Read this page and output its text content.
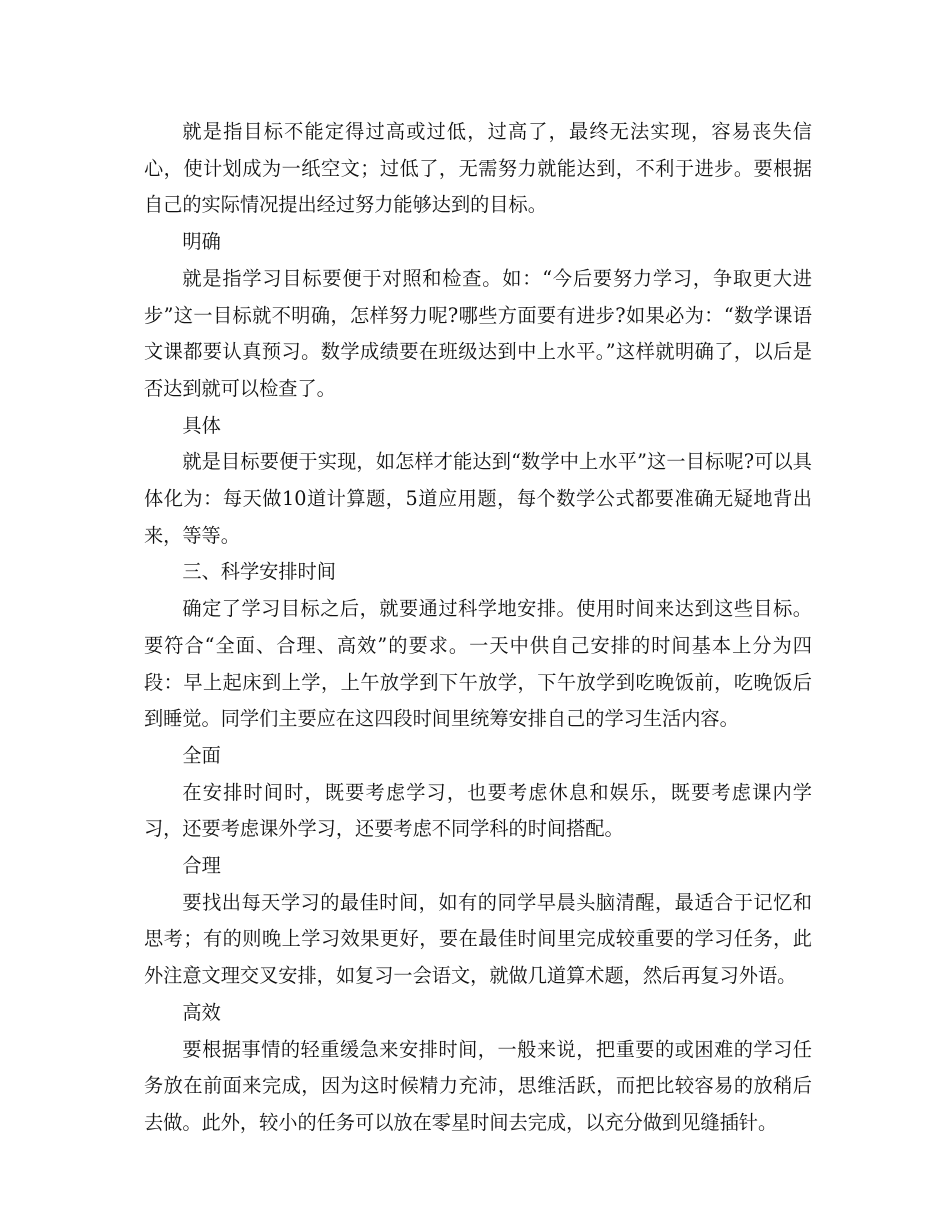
就是指目标不能定得过高或过低，过高了，最终无法实现，容易丧失信心，使计划成为一纸空文；过低了，无需努力就能达到，不利于进步。要根据自己的实际情况提出经过努力能够达到的目标。

明确

就是指学习目标要便于对照和检查。如：“今后要努力学习，争取更大进步”这一目标就不明确，怎样努力呢?哪些方面要有进步?如果必为：“数学课语文课都要认真预习。数学成绩要在班级达到中上水平。”这样就明确了，以后是否达到就可以检查了。

具体

就是目标要便于实现，如怎样才能达到“数学中上水平”这一目标呢?可以具体化为：每天做10道计算题，5道应用题，每个数学公式都要准确无疑地背出来，等等。

三、科学安排时间

确定了学习目标之后，就要通过科学地安排。使用时间来达到这些目标。要符合“全面、合理、高效”的要求。一天中供自己安排的时间基本上分为四段：早上起床到上学，上午放学到下午放学，下午放学到吃晚饭前，吃晚饭后到睡觉。同学们主要应在这四段时间里统筹安排自己的学习生活内容。

全面

在安排时间时，既要考虑学习，也要考虑休息和娱乐，既要考虑课内学习，还要考虑课外学习，还要考虑不同学科的时间搭配。

合理

要找出每天学习的最佳时间，如有的同学早晨头脑清醒，最适合于记忆和思考；有的则晚上学习效果更好，要在最佳时间里完成较重要的学习任务，此外注意文理交叉安排，如复习一会语文，就做几道算术题，然后再复习外语。

高效

要根据事情的轻重缓急来安排时间，一般来说，把重要的或困难的学习任务放在前面来完成，因为这时候精力充沛，思维活跃，而把比较容易的放稍后去做。此外，较小的任务可以放在零星时间去完成，以充分做到见缝插针。
